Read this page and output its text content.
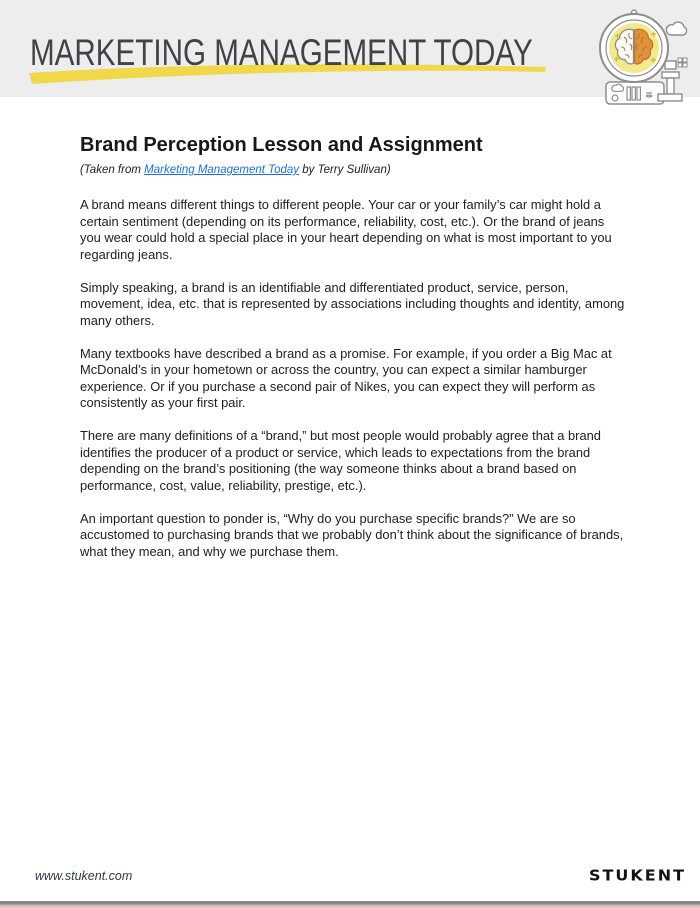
MARKETING MANAGEMENT TODAY
Brand Perception Lesson and Assignment

(Taken from Marketing Management Today by Terry Sullivan)

A brand means different things to different people. Your car or your family’s car might hold a certain sentiment (depending on its performance, reliability, cost, etc.). Or the brand of jeans you wear could hold a special place in your heart depending on what is most important to you regarding jeans.

Simply speaking, a brand is an identifiable and differentiated product, service, person, movement, idea, etc. that is represented by associations including thoughts and identity, among many others.

Many textbooks have described a brand as a promise. For example, if you order a Big Mac at McDonald’s in your hometown or across the country, you can expect a similar hamburger experience. Or if you purchase a second pair of Nikes, you can expect they will perform as consistently as your first pair.

There are many definitions of a “brand,” but most people would probably agree that a brand identifies the producer of a product or service, which leads to expectations from the brand depending on the brand’s positioning (the way someone thinks about a brand based on performance, cost, value, reliability, prestige, etc.).

An important question to ponder is, “Why do you purchase specific brands?” We are so accustomed to purchasing brands that we probably don’t think about the significance of brands, what they mean, and why we purchase them.

www.stukent.com	STUKENT
